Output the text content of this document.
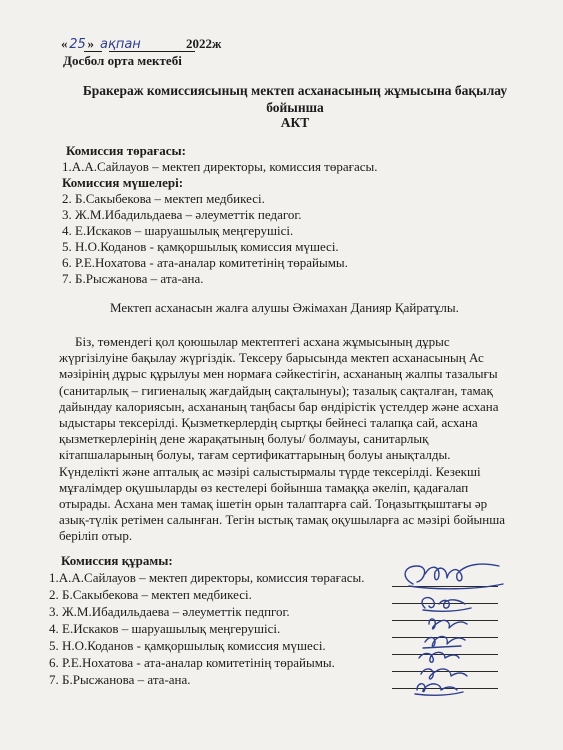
« 25 » ақпан	2022ж
Досбол орта мектебі
Бракераж комиссиясының мектеп асханасының жұмысына бақылау
бойынша
АКТ
Комиссия төрағасы:
1.А.А.Сайлауов – мектеп директоры, комиссия төрағасы.
Комиссия мүшелері:
2. Б.Сакыбекова – мектеп медбикесі.
3. Ж.М.Ибадильдаева – әлеуметтік педагог.
4. Е.Искаков – шаруашылық меңгерушісі.
5. Н.О.Коданов - қамқоршылық комиссия мүшесі.
6. Р.Е.Нохатова - ата-аналар комитетінің төрайымы.
7. Б.Рысжанова – ата-ана.
Мектеп асханасын жалға алушы Әжімахан Данияр Қайратұлы.
Біз, төмендегі қол қоюшылар мектептегі асхана жұмысының дұрыс
жүргізілуіне бақылау жүргіздік. Тексеру барысында мектеп асханасының Ас
мәзірінің дұрыс құрылуы мен нормаға сәйкестігін, асхананың жалпы тазалығы
(санитарлық – гигиеналық жағдайдың сақталынуы); тазалық сақталған, тамақ
дайындау калориясын, асхананың таңбасы бар өндірістік үстелдер және асхана
ыдыстары тексерілді. Қызметкерлердің сыртқы бейнесі талапқа сай, асхана
қызметкерлерінің дене жарақатының болуы/ болмауы, санитарлық
кітапшаларының болуы, тағам сертификаттарының болуы анықталды.
Күнделікті және апталық ас мәзірі салыстырмалы түрде тексерілді. Кезекші
мұғалімдер оқушыларды өз кестелері бойынша тамаққа әкеліп, қадағалап
отырады. Асхана мен тамақ ішетін орын талаптарға сай. Тоңазытқыштағы әр
азық-түлік ретімен салынған. Тегін ыстық тамақ оқушыларға ас мәзірі бойынша
беріліп отыр.
Комиссия құрамы:
1.А.А.Сайлауов – мектеп директоры, комиссия төрағасы.
2. Б.Сакыбекова – мектеп медбикесі.
3. Ж.М.Ибадильдаева – әлеуметтік педпгог.
4. Е.Искаков – шаруашылық меңгерушісі.
5. Н.О.Коданов - қамқоршылық комиссия мүшесі.
6. Р.Е.Нохатова - ата-аналар комитетінің төрайымы.
7. Б.Рысжанова – ата-ана.
